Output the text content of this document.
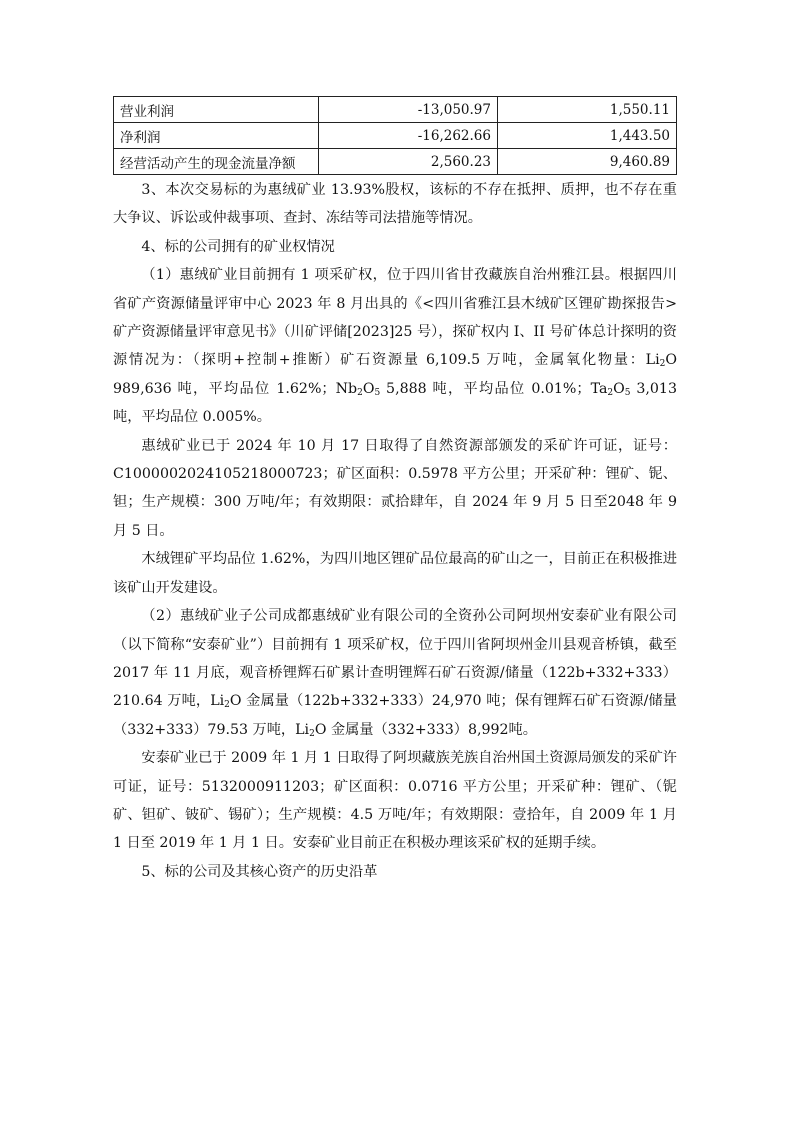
营业利润	-13,050.97	1,550.11
净利润	-16,262.66	1,443.50
经营活动产生的现金流量净额	2,560.23	9,460.89

3、本次交易标的为惠绒矿业 13.93%股权，该标的不存在抵押、质押，也不存在重大争议、诉讼或仲裁事项、查封、冻结等司法措施等情况。

4、标的公司拥有的矿业权情况

（1）惠绒矿业目前拥有 1 项采矿权，位于四川省甘孜藏族自治州雅江县。根据四川省矿产资源储量评审中心 2023 年 8 月出具的《<四川省雅江县木绒矿区锂矿勘探报告>矿产资源储量评审意见书》（川矿评储[2023]25 号），探矿权内 I、II 号矿体总计探明的资源情况为：（探明+控制+推断）矿石资源量 6,109.5 万吨，金属氧化物量：$Li_2O$ 989,636 吨，平均品位 1.62%；$Nb_2O_5$ 5,888 吨，平均品位 0.01%；$Ta_2O_5$ 3,013 吨，平均品位 0.005%。

惠绒矿业已于 2024 年 10 月 17 日取得了自然资源部颁发的采矿许可证，证号：C1000002024105218000723；矿区面积：0.5978 平方公里；开采矿种：锂矿、铌、钽；生产规模：300 万吨/年；有效期限：贰拾肆年，自 2024 年 9 月 5 日至2048 年 9 月 5 日。

木绒锂矿平均品位 1.62%，为四川地区锂矿品位最高的矿山之一，目前正在积极推进该矿山开发建设。

（2）惠绒矿业子公司成都惠绒矿业有限公司的全资孙公司阿坝州安泰矿业有限公司（以下简称“安泰矿业”）目前拥有 1 项采矿权，位于四川省阿坝州金川县观音桥镇，截至 2017 年 11 月底，观音桥锂辉石矿累计查明锂辉石矿石资源/储量（122b+332+333）210.64 万吨，$Li_2O$ 金属量（122b+332+333）24,970 吨；保有锂辉石矿石资源/储量（332+333）79.53 万吨，$Li_2O$ 金属量（332+333）8,992吨。

安泰矿业已于 2009 年 1 月 1 日取得了阿坝藏族羌族自治州国土资源局颁发的采矿许可证，证号：5132000911203；矿区面积：0.0716 平方公里；开采矿种：锂矿、（铌矿、钽矿、铍矿、锡矿）；生产规模：4.5 万吨/年；有效期限：壹拾年，自 2009 年 1 月 1 日至 2019 年 1 月 1 日。安泰矿业目前正在积极办理该采矿权的延期手续。

5、标的公司及其核心资产的历史沿革
